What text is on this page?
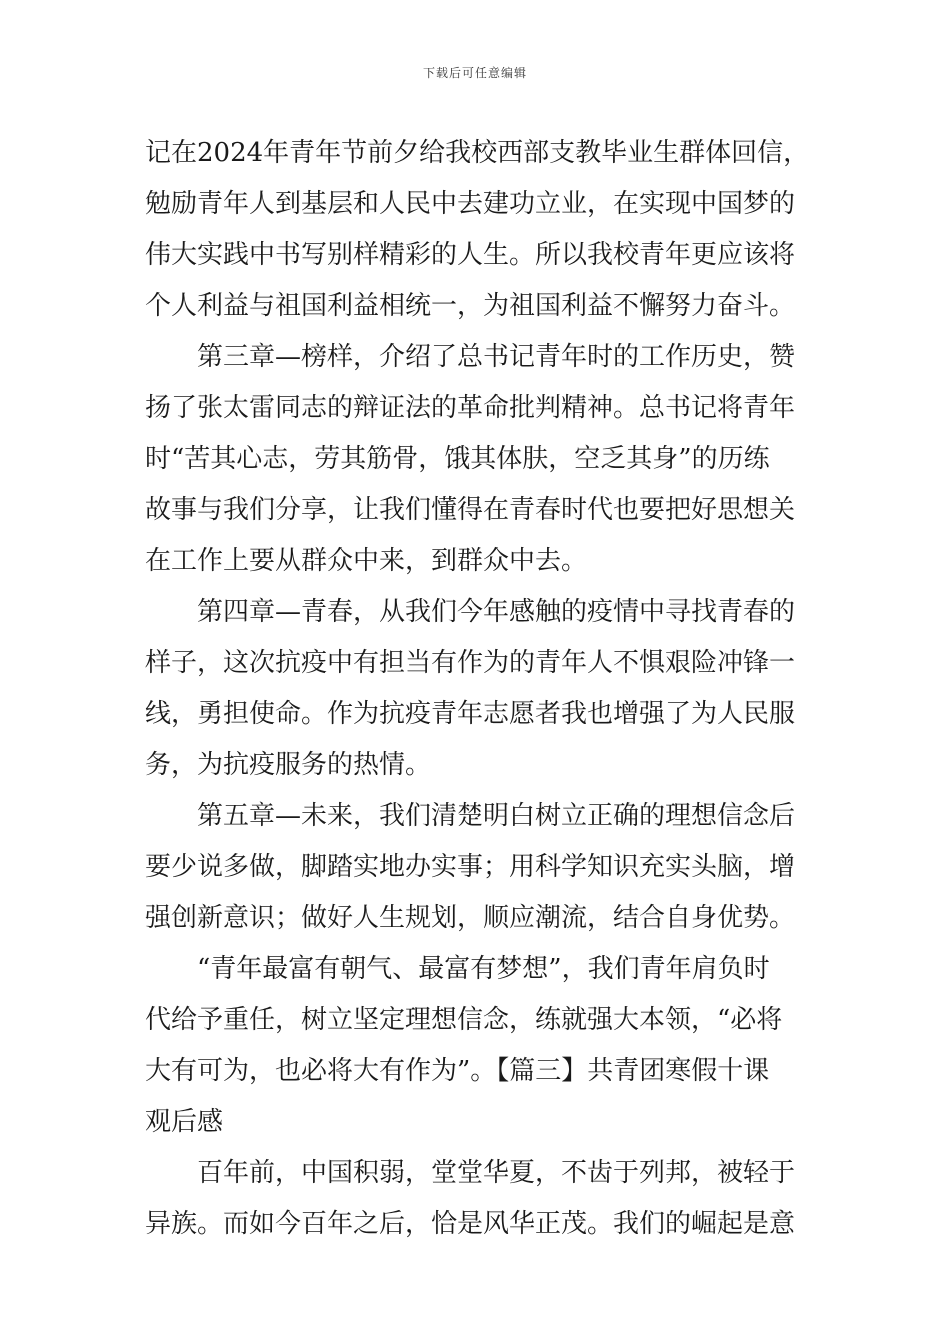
下载后可任意编辑
记在2024年青年节前夕给我校西部支教毕业生群体回信，
勉励青年人到基层和人民中去建功立业，在实现中国梦的
伟大实践中书写别样精彩的人生。所以我校青年更应该将
个人利益与祖国利益相统一，为祖国利益不懈努力奋斗。
第三章—榜样，介绍了总书记青年时的工作历史，赞
扬了张太雷同志的辩证法的革命批判精神。总书记将青年
时“苦其心志，劳其筋骨，饿其体肤，空乏其身”的历练
故事与我们分享，让我们懂得在青春时代也要把好思想关
在工作上要从群众中来，到群众中去。
第四章—青春，从我们今年感触的疫情中寻找青春的
样子，这次抗疫中有担当有作为的青年人不惧艰险冲锋一
线，勇担使命。作为抗疫青年志愿者我也增强了为人民服
务，为抗疫服务的热情。
第五章—未来，我们清楚明白树立正确的理想信念后
要少说多做，脚踏实地办实事；用科学知识充实头脑，增
强创新意识；做好人生规划，顺应潮流，结合自身优势。
“青年最富有朝气、最富有梦想”，我们青年肩负时
代给予重任，树立坚定理想信念，练就强大本领，“必将
大有可为，也必将大有作为”。【篇三】共青团寒假十课
观后感
百年前，中国积弱，堂堂华夏，不齿于列邦，被轻于
异族。而如今百年之后，恰是风华正茂。我们的崛起是意
